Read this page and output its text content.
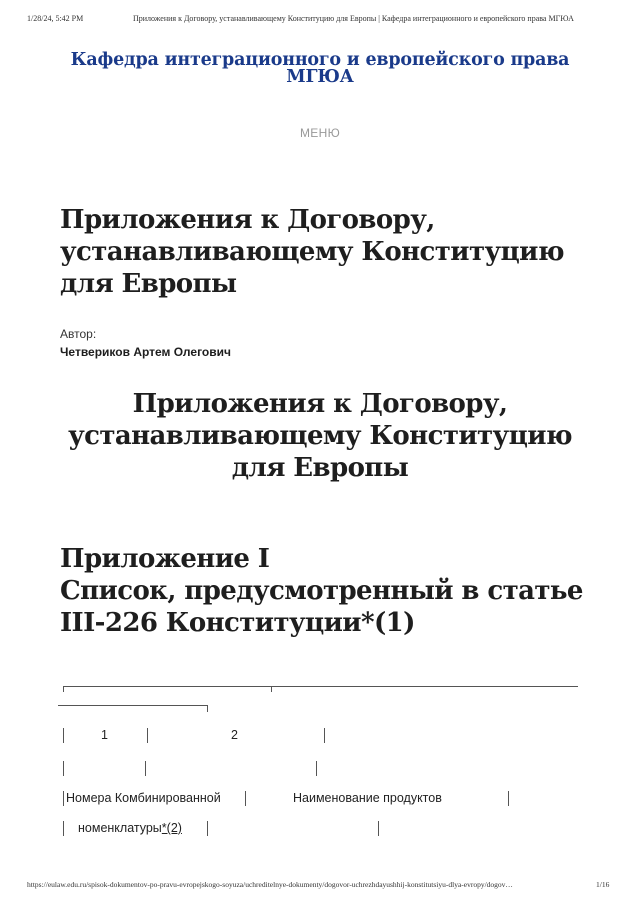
1/28/24, 5:42 PM	Приложения к Договору, устанавливающему Конституцию для Европы | Кафедра интеграционного и европейского права МГЮА
Кафедра интеграционного и европейского права
МГЮА
МЕНЮ
Приложения к Договору,
устанавливающему Конституцию
для Европы
Автор:
Четвериков Артем Олегович
Приложения к Договору,
устанавливающему Конституцию
для Европы
Приложение I
Список, предусмотренный в статье
III-226 Конституции*(1)
1	2
Номера Комбинированной	Наименование продуктов
номенклатуры*(2)
https://eulaw.edu.ru/spisok-dokumentov-po-pravu-evropejskogo-soyuza/uchreditelnye-dokumenty/dogovor-uchrezhdayushhij-konstitutsiyu-dlya-evropy/dogov…	1/16
